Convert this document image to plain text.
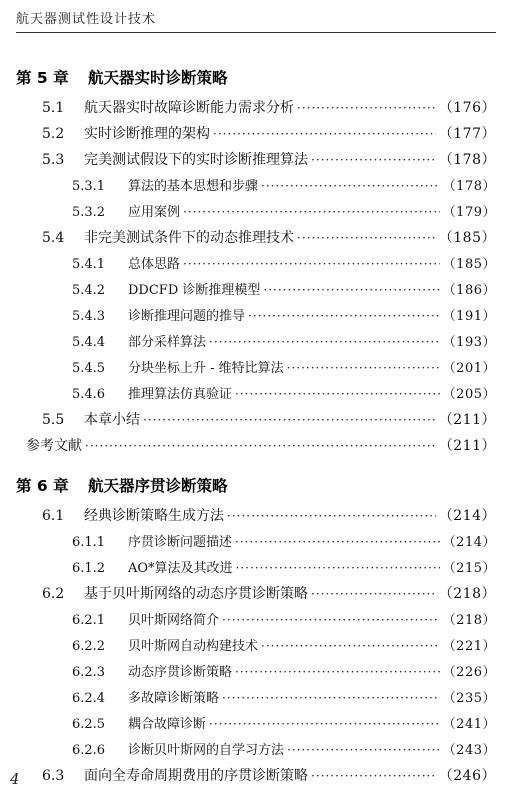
航天器测试性设计技术
第 5 章 航天器实时诊断策略
5.1	航天器实时故障诊断能力需求分析 ·····	（176）
5.2	实时诊断推理的架构 ·····	（177）
5.3	完美测试假设下的实时诊断推理算法 ·····	（178）
5.3.1	算法的基本思想和步骤 ·····	（178）
5.3.2	应用案例 ·····	（179）
5.4	非完美测试条件下的动态推理技术 ·····	（185）
5.4.1	总体思路 ·····	（185）
5.4.2	DDCFD 诊断推理模型 ·····	（186）
5.4.3	诊断推理问题的推导 ·····	（191）
5.4.4	部分采样算法 ·····	（193）
5.4.5	分块坐标上升 - 维特比算法 ·····	（201）
5.4.6	推理算法仿真验证 ·····	（205）
5.5	本章小结 ·····	（211）
参考文献 ·····	（211）
第 6 章 航天器序贯诊断策略
6.1	经典诊断策略生成方法 ·····	（214）
6.1.1	序贯诊断问题描述 ·····	（214）
6.1.2	AO*算法及其改进 ·····	（215）
6.2	基于贝叶斯网络的动态序贯诊断策略 ·····	（218）
6.2.1	贝叶斯网络简介 ·····	（218）
6.2.2	贝叶斯网自动构建技术 ·····	（221）
6.2.3	动态序贯诊断策略 ·····	（226）
6.2.4	多故障诊断策略 ·····	（235）
6.2.5	耦合故障诊断 ·····	（241）
6.2.6	诊断贝叶斯网的自学习方法 ·····	（243）
6.3	面向全寿命周期费用的序贯诊断策略 ·····	（246）
4
